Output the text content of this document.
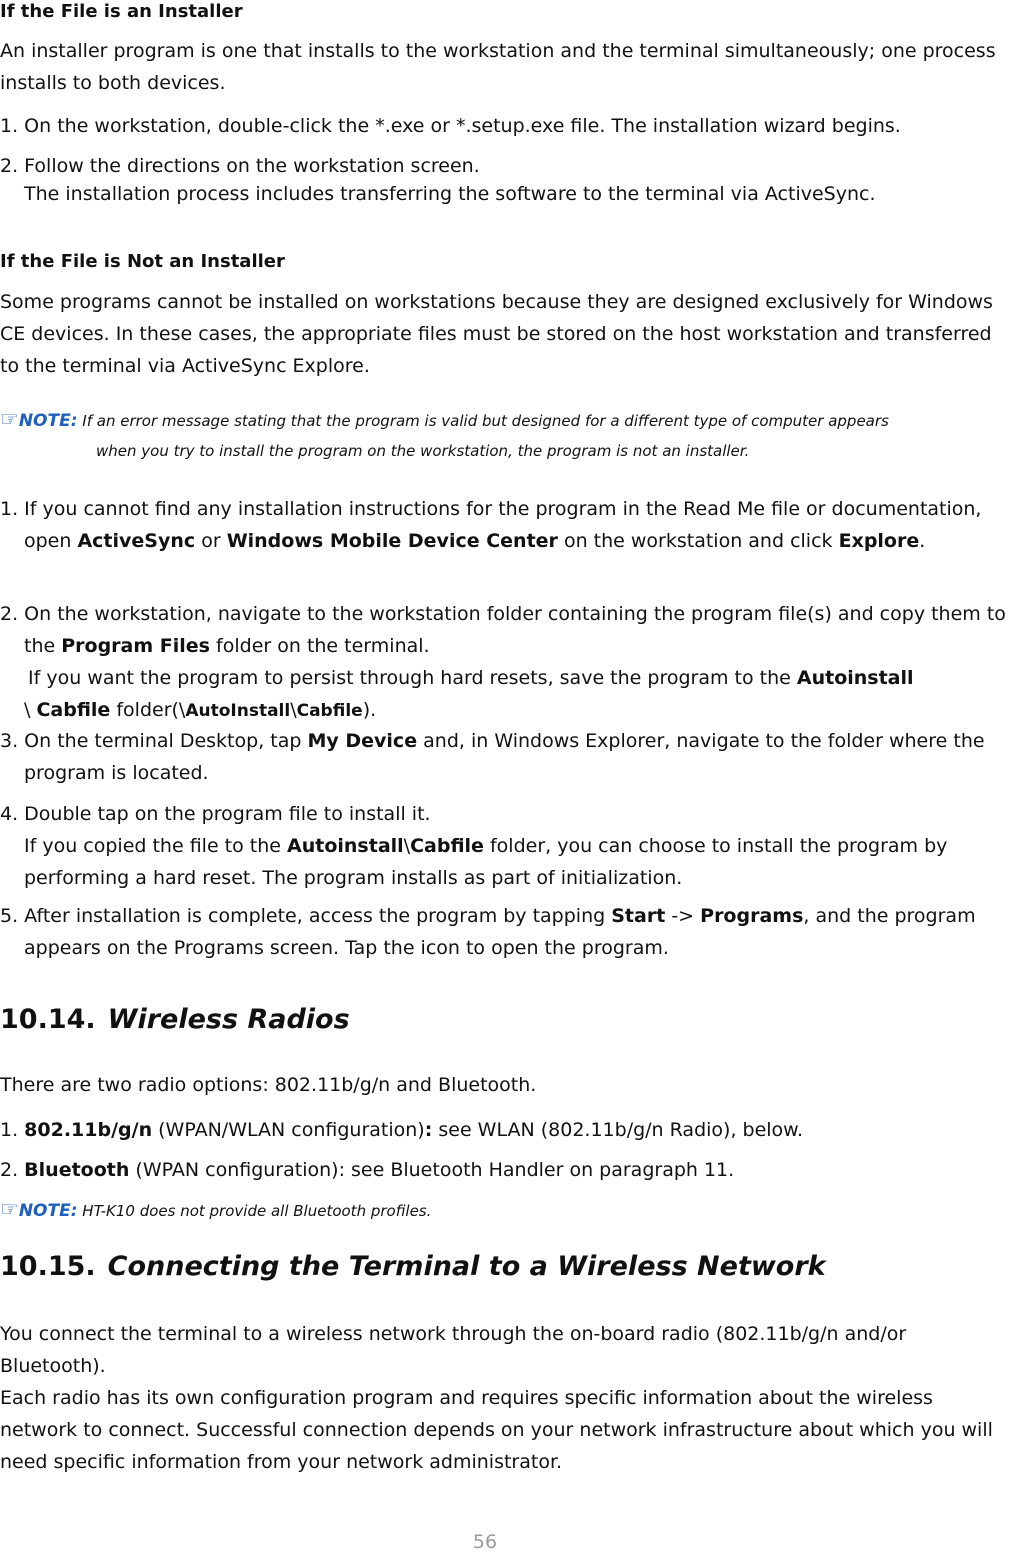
If the File is an Installer
An installer program is one that installs to the workstation and the terminal simultaneously; one process installs to both devices.
1. On the workstation, double-click the *.exe or *.setup.exe file. The installation wizard begins.
2. Follow the directions on the workstation screen.
The installation process includes transferring the software to the terminal via ActiveSync.
If the File is Not an Installer
Some programs cannot be installed on workstations because they are designed exclusively for Windows CE devices. In these cases, the appropriate files must be stored on the host workstation and transferred to the terminal via ActiveSync Explore.
☞NOTE: If an error message stating that the program is valid but designed for a different type of computer appears
when you try to install the program on the workstation, the program is not an installer.
1. If you cannot find any installation instructions for the program in the Read Me file or documentation, open ActiveSync or Windows Mobile Device Center on the workstation and click Explore.
2. On the workstation, navigate to the workstation folder containing the program file(s) and copy them to the Program Files folder on the terminal.
If you want the program to persist through hard resets, save the program to the Autoinstall
\ Cabfile folder(\AutoInstall\Cabfile).
3. On the terminal Desktop, tap My Device and, in Windows Explorer, navigate to the folder where the program is located.
4. Double tap on the program file to install it.
If you copied the file to the Autoinstall\Cabfile folder, you can choose to install the program by performing a hard reset. The program installs as part of initialization.
5. After installation is complete, access the program by tapping Start -> Programs, and the program appears on the Programs screen. Tap the icon to open the program.
10.14. Wireless Radios
There are two radio options: 802.11b/g/n and Bluetooth.
1. 802.11b/g/n (WPAN/WLAN configuration): see WLAN (802.11b/g/n Radio), below.
2. Bluetooth (WPAN configuration): see Bluetooth Handler on paragraph 11.
☞NOTE: HT-K10 does not provide all Bluetooth profiles.
10.15. Connecting the Terminal to a Wireless Network
You connect the terminal to a wireless network through the on-board radio (802.11b/g/n and/or Bluetooth).
Each radio has its own configuration program and requires specific information about the wireless network to connect. Successful connection depends on your network infrastructure about which you will need specific information from your network administrator.
56
